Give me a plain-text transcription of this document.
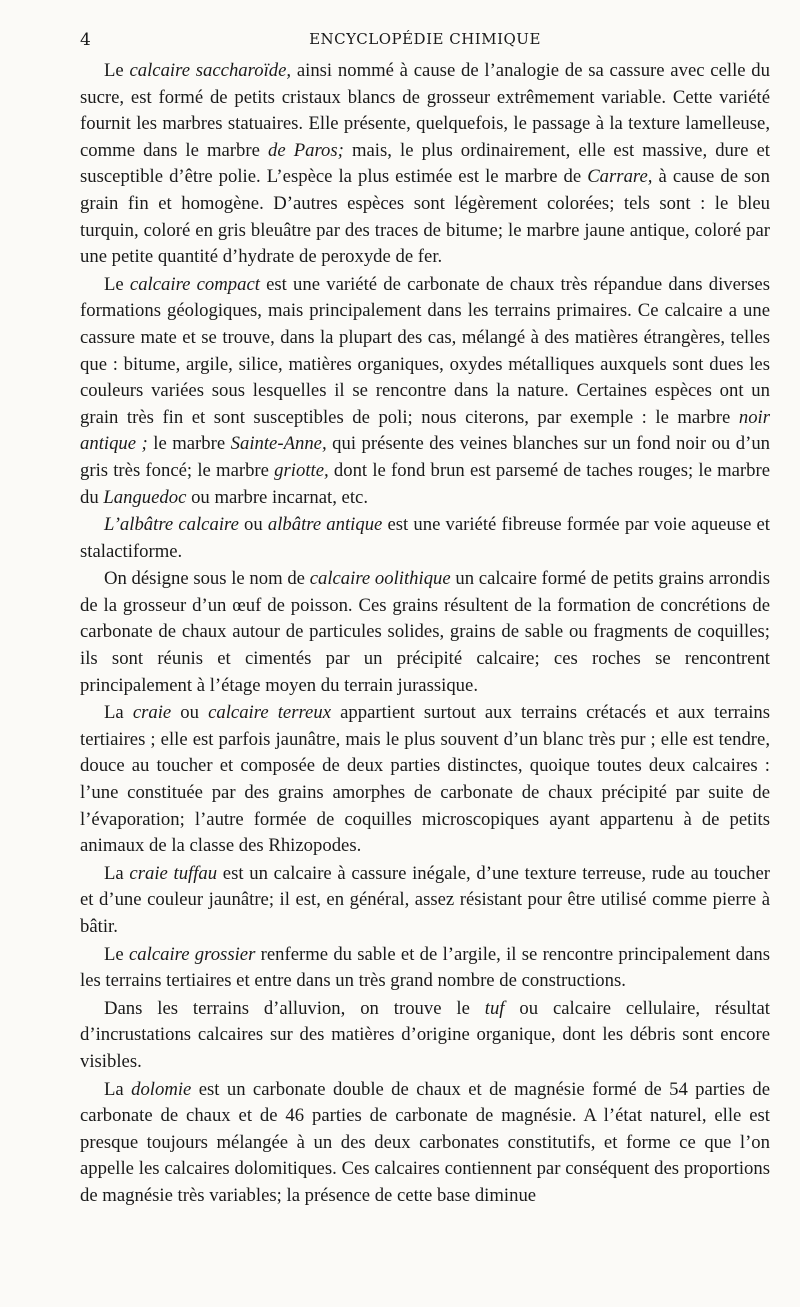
4	ENCYCLOPÉDIE CHIMIQUE

Le calcaire saccharoïde, ainsi nommé à cause de l’analogie de sa cassure avec celle du sucre, est formé de petits cristaux blancs de grosseur extrêmement variable. Cette variété fournit les marbres statuaires. Elle présente, quelquefois, le passage à la texture lamelleuse, comme dans le marbre de Paros; mais, le plus ordinairement, elle est massive, dure et susceptible d’être polie. L’espèce la plus estimée est le marbre de Carrare, à cause de son grain fin et homogène. D’autres espèces sont légèrement colorées; tels sont : le bleu turquin, coloré en gris bleuâtre par des traces de bitume; le marbre jaune antique, coloré par une petite quantité d’hydrate de peroxyde de fer.

Le calcaire compact est une variété de carbonate de chaux très répandue dans diverses formations géologiques, mais principalement dans les terrains primaires. Ce calcaire a une cassure mate et se trouve, dans la plupart des cas, mélangé à des matières étrangères, telles que : bitume, argile, silice, matières organiques, oxydes métalliques auxquels sont dues les couleurs variées sous lesquelles il se rencontre dans la nature. Certaines espèces ont un grain très fin et sont susceptibles de poli; nous citerons, par exemple : le marbre noir antique ; le marbre Sainte-Anne, qui présente des veines blanches sur un fond noir ou d’un gris très foncé; le marbre griotte, dont le fond brun est parsemé de taches rouges; le marbre du Languedoc ou marbre incarnat, etc.

L’albâtre calcaire ou albâtre antique est une variété fibreuse formée par voie aqueuse et stalactiforme.

On désigne sous le nom de calcaire oolithique un calcaire formé de petits grains arrondis de la grosseur d’un œuf de poisson. Ces grains résultent de la formation de concrétions de carbonate de chaux autour de particules solides, grains de sable ou fragments de coquilles; ils sont réunis et cimentés par un précipité calcaire; ces roches se rencontrent principalement à l’étage moyen du terrain jurassique.

La craie ou calcaire terreux appartient surtout aux terrains crétacés et aux terrains tertiaires ; elle est parfois jaunâtre, mais le plus souvent d’un blanc très pur ; elle est tendre, douce au toucher et composée de deux parties distinctes, quoique toutes deux calcaires : l’une constituée par des grains amorphes de carbonate de chaux précipité par suite de l’évaporation; l’autre formée de coquilles microscopiques ayant appartenu à de petits animaux de la classe des Rhizopodes.

La craie tuffau est un calcaire à cassure inégale, d’une texture terreuse, rude au toucher et d’une couleur jaunâtre; il est, en général, assez résistant pour être utilisé comme pierre à bâtir.

Le calcaire grossier renferme du sable et de l’argile, il se rencontre principalement dans les terrains tertiaires et entre dans un très grand nombre de constructions.

Dans les terrains d’alluvion, on trouve le tuf ou calcaire cellulaire, résultat d’incrustations calcaires sur des matières d’origine organique, dont les débris sont encore visibles.

La dolomie est un carbonate double de chaux et de magnésie formé de 54 parties de carbonate de chaux et de 46 parties de carbonate de magnésie. A l’état naturel, elle est presque toujours mélangée à un des deux carbonates constitutifs, et forme ce que l’on appelle les calcaires dolomitiques. Ces calcaires contiennent par conséquent des proportions de magnésie très variables; la présence de cette base diminue
